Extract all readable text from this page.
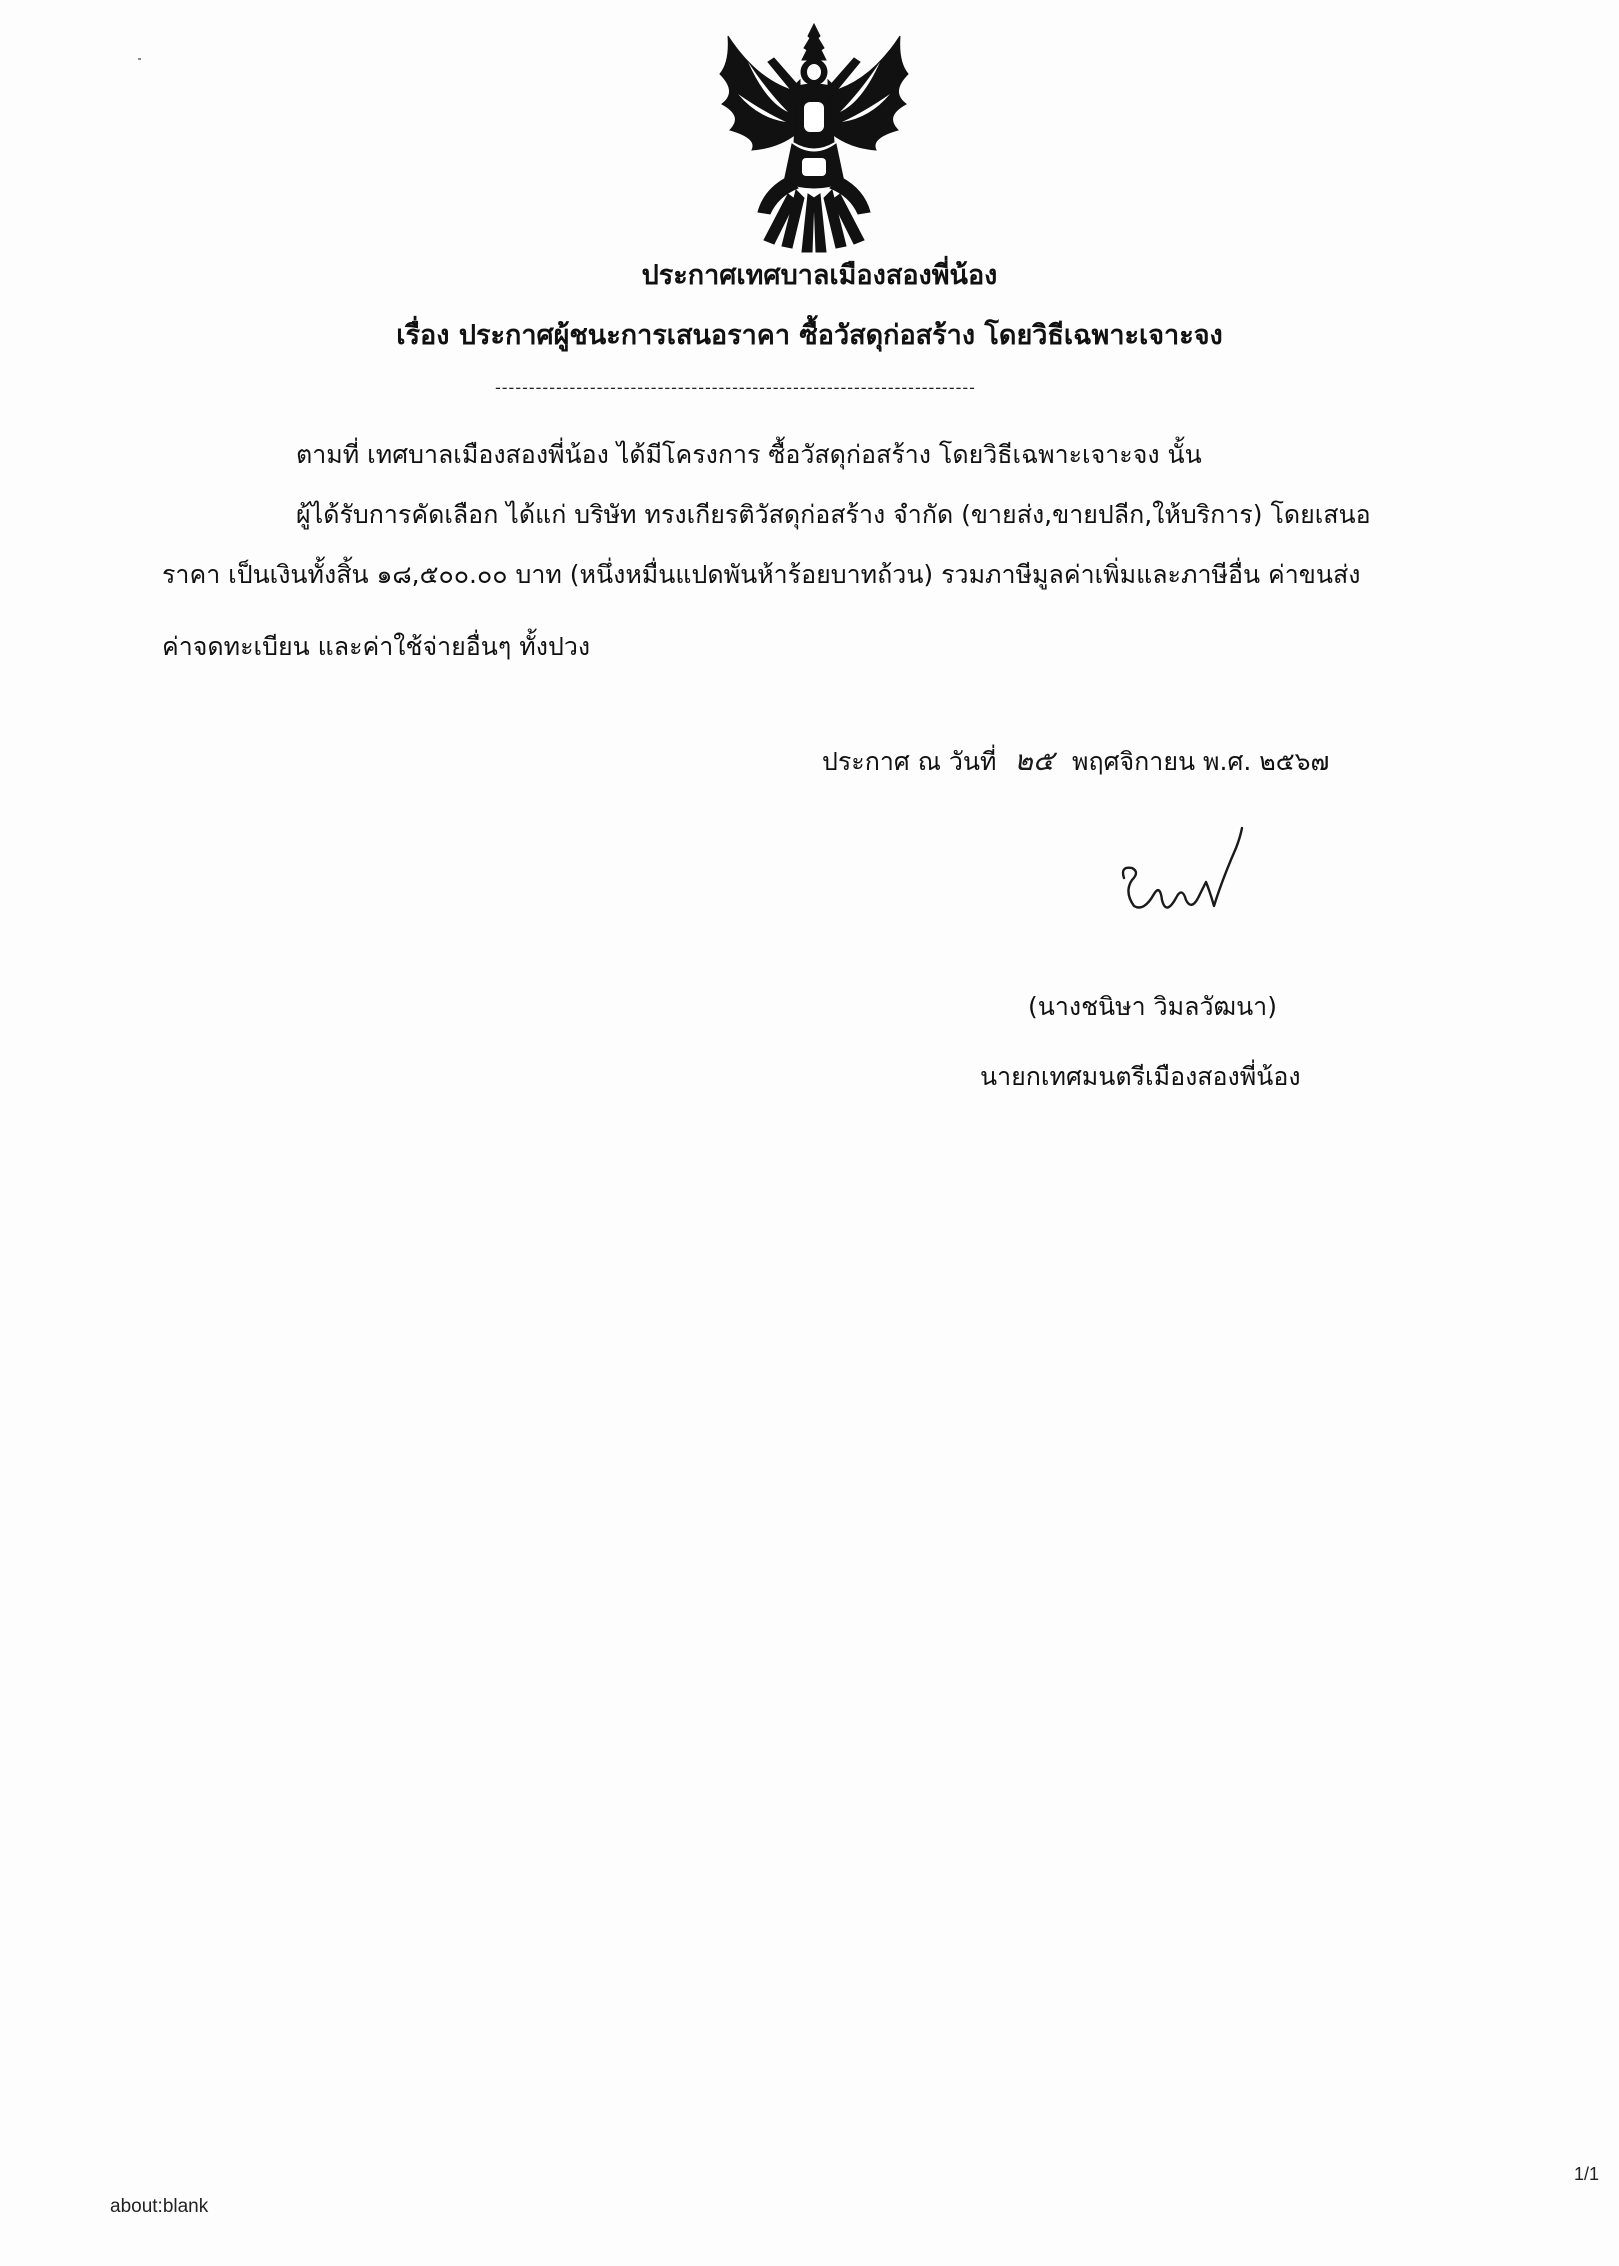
ประกาศเทศบาลเมืองสองพี่น้อง
เรื่อง ประกาศผู้ชนะการเสนอราคา ซื้อวัสดุก่อสร้าง โดยวิธีเฉพาะเจาะจง
-----------------------------------------------------------------------
ตามที่ เทศบาลเมืองสองพี่น้อง ได้มีโครงการ ซื้อวัสดุก่อสร้าง โดยวิธีเฉพาะเจาะจง นั้น
ผู้ได้รับการคัดเลือก ได้แก่ บริษัท ทรงเกียรติวัสดุก่อสร้าง จำกัด (ขายส่ง,ขายปลีก,ให้บริการ) โดยเสนอ
ราคา เป็นเงินทั้งสิ้น ๑๘,๕๐๐.๐๐ บาท (หนึ่งหมื่นแปดพันห้าร้อยบาทถ้วน) รวมภาษีมูลค่าเพิ่มและภาษีอื่น ค่าขนส่ง
ค่าจดทะเบียน และค่าใช้จ่ายอื่นๆ ทั้งปวง
ประกาศ ณ วันที่ ๒๕ พฤศจิกายน พ.ศ. ๒๕๖๗
(นางชนิษา วิมลวัฒนา)
นายกเทศมนตรีเมืองสองพี่น้อง
1/1
about:blank
